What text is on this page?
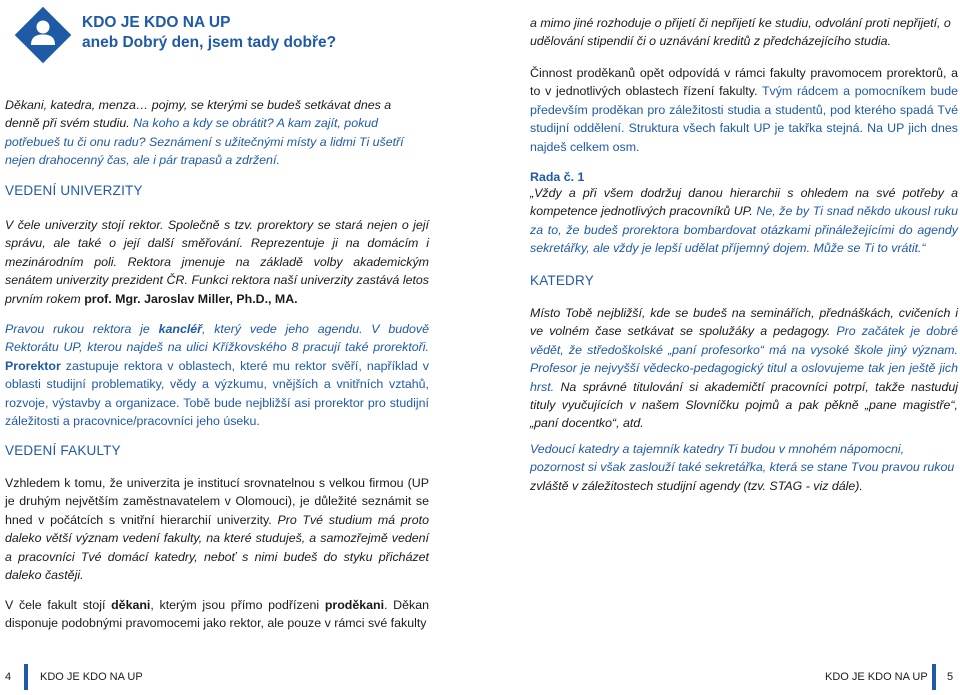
KDO JE KDO NA UP
aneb Dobrý den, jsem tady dobře?

Děkani, katedra, menza… pojmy, se kterými se budeš setkávat dnes a denně při svém studiu. Na koho a kdy se obrátit? A kam zajít, pokud potřebueš tu či onu radu? Seznámení s užitečnými místy a lidmi Ti ušetří nejen drahocenný čas, ale i pár trapasů a zdržení.

VEDENÍ UNIVERZITY

V čele univerzity stojí rektor. Společně s tzv. prorektory se stará nejen o její správu, ale také o její další směřování. Reprezentuje ji na domácím i mezinárodním poli. Rektora jmenuje na základě volby akademickým senátem univerzity prezident ČR. Funkci rektora naší univerzity zastává letos prvním rokem prof. Mgr. Jaroslav Miller, Ph.D., MA.

Pravou rukou rektora je kancléř, který vede jeho agendu. V budově Rektorátu UP, kterou najdeš na ulici Křížkovského 8 pracují také prorektoři. Prorektor zastupuje rektora v oblastech, které mu rektor svěří, například v oblasti studijní problematiky, vědy a výzkumu, vnějších a vnitřních vztahů, rozvoje, výstavby a organizace. Tobě bude nejbližší asi prorektor pro studijní záležitosti a pracovnice/pracovníci jeho úseku.

VEDENÍ FAKULTY

Vzhledem k tomu, že univerzita je institucí srovnatelnou s velkou firmou (UP je druhým největším zaměstnavatelem v Olomouci), je důležité seznámit se hned v počátcích s vnitřní hierarchií univerzity. Pro Tvé studium má proto daleko větší význam vedení fakulty, na které studuješ, a samozřejmě vedení a pracovníci Tvé domácí katedry, neboť s nimi budeš do styku přicházet daleko častěji.

V čele fakult stojí děkani, kterým jsou přímo podřízeni proděkani. Děkan disponuje podobnými pravomocemi jako rektor, ale pouze v rámci své fakulty

a mimo jiné rozhoduje o přijetí či nepřijetí ke studiu, odvolání proti nepřijetí, o udělování stipendií či o uznávání kreditů z předcházejícího studia.

Činnost proděkanů opět odpovídá v rámci fakulty pravomocem prorektorů, a to v jednotlivých oblastech řízení fakulty. Tvým rádcem a pomocníkem bude především proděkan pro záležitosti studia a studentů, pod kterého spadá Tvé studijní oddělení. Struktura všech fakult UP je takřka stejná. Na UP jich dnes najdeš celkem osm.

Rada č. 1

„Vždy a při všem dodržuj danou hierarchii s ohledem na své potřeby a kompetence jednotlivých pracovníků UP. Ne, že by Ti snad někdo ukousl ruku za to, že budeš prorektora bombardovat otázkami přináležejícími do agendy sekretářky, ale vždy je lepší udělat příjemný dojem. Může se Ti to vrátit.“

KATEDRY

Místo Tobě nejbližší, kde se budeš na seminářích, přednáškách, cvičeních i ve volném čase setkávat se spolužáky a pedagogy. Pro začátek je dobré vědět, že středoškolské „paní profesorko“ má na vysoké škole jiný význam. Profesor je nejvyšší vědecko-pedagogický titul a oslovujeme tak jen ještě jich hrst. Na správné titulování si akademičtí pracovníci potrpí, takže nastuduj tituly vyučujících v našem Slovníčku pojmů a pak pěkně „pane magistře“, „paní docentko“, atd.

Vedoucí katedry a tajemník katedry Ti budou v mnohém nápomocni, pozornost si však zaslouží také sekretářka, která se stane Tvou pravou rukou zvláště v záležitostech studijní agendy (tzv. STAG - viz dále).

4	KDO JE KDO NA UP	KDO JE KDO NA UP 5
